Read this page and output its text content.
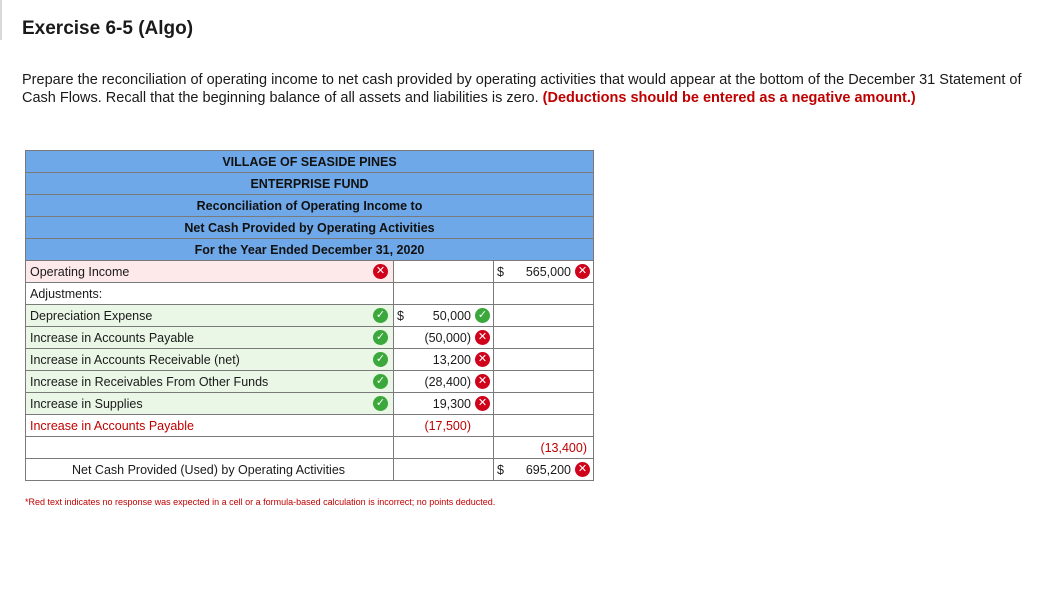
Exercise 6-5 (Algo)
Prepare the reconciliation of operating income to net cash provided by operating activities that would appear at the bottom of the December 31 Statement of Cash Flows. Recall that the beginning balance of all assets and liabilities is zero. (Deductions should be entered as a negative amount.)
VILLAGE OF SEASIDE PINES		
ENTERPRISE FUND		
Reconciliation of Operating Income to		
Net Cash Provided by Operating Activities		
For the Year Ended December 31, 2020		
Operating Income ✕		$ 565,000 ✕

Adjustments:		
Depreciation Expense ✓	$ 50,000 ✓	

Increase in Accounts Payable ✓	(50,000) ✕	

Increase in Accounts Receivable (net) ✓	13,200 ✕	

Increase in Receivables From Other Funds ✓	(28,400) ✕	

Increase in Supplies ✓	19,300 ✕	

Increase in Accounts Payable	(17,500)	

		(13,400)

Net Cash Provided (Used) by Operating Activities		$ 695,200 ✕
*Red text indicates no response was expected in a cell or a formula-based calculation is incorrect; no points deducted.
